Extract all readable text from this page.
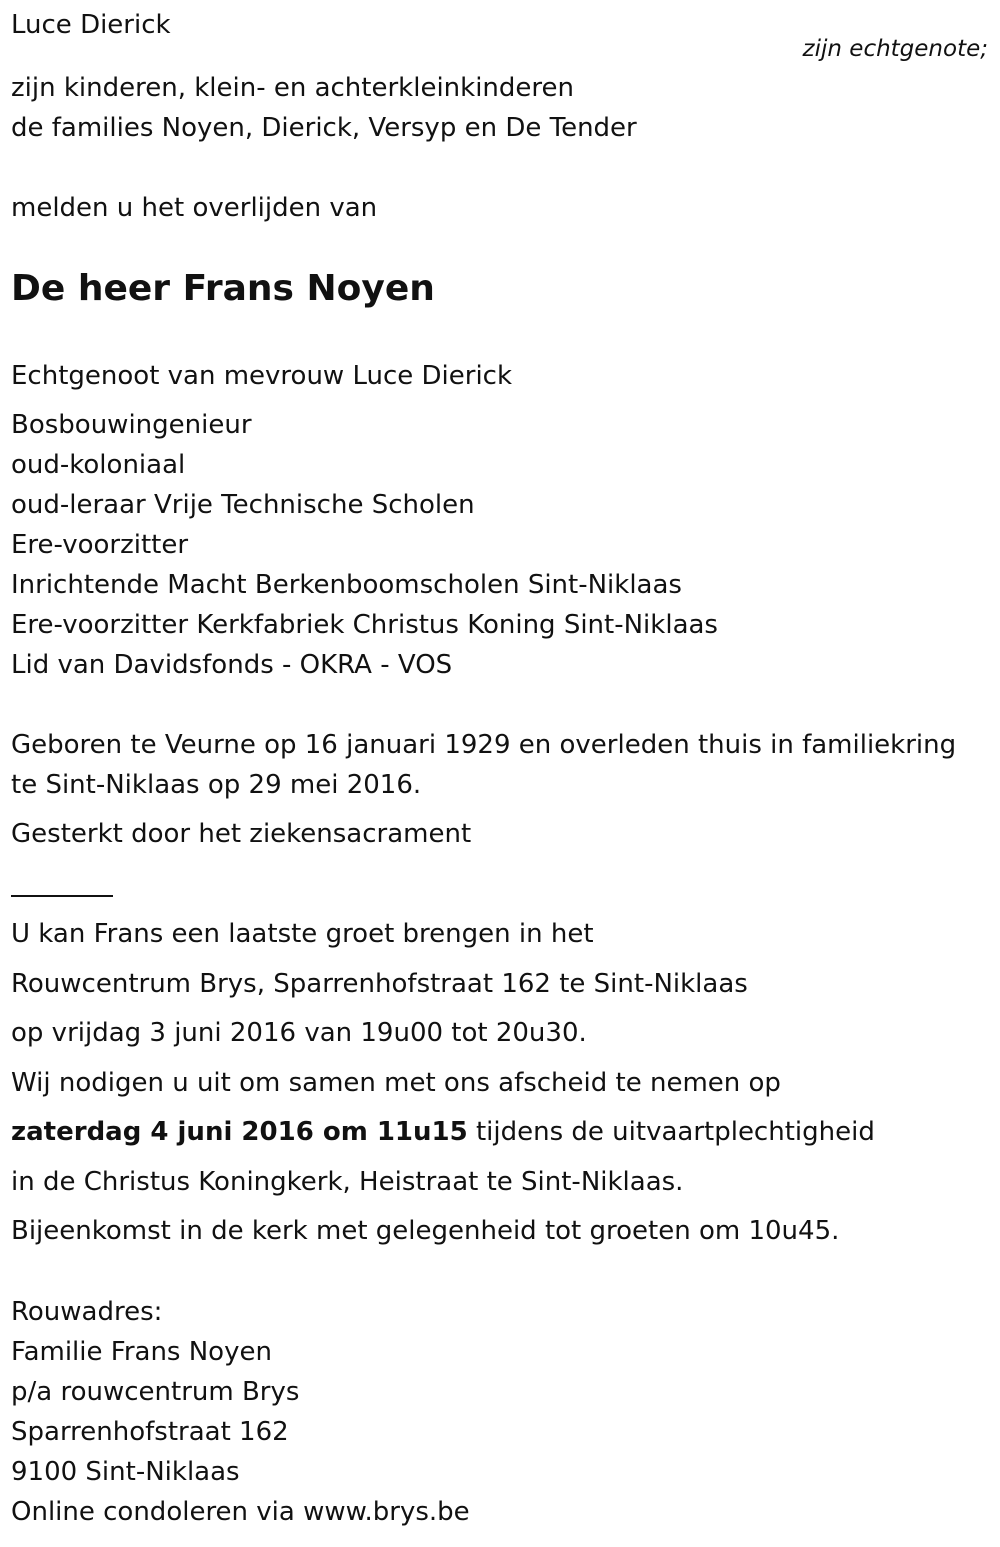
Luce Dierick
zijn echtgenote;
zijn kinderen, klein- en achterkleinkinderen
de families Noyen, Dierick, Versyp en De Tender
melden u het overlijden van
De heer Frans Noyen
Echtgenoot van mevrouw Luce Dierick
Bosbouwingenieur
oud-koloniaal
oud-leraar Vrije Technische Scholen
Ere-voorzitter
Inrichtende Macht Berkenboomscholen Sint-Niklaas
Ere-voorzitter Kerkfabriek Christus Koning Sint-Niklaas
Lid van Davidsfonds - OKRA - VOS
Geboren te Veurne op 16 januari 1929 en overleden thuis in familiekring
te Sint-Niklaas op 29 mei 2016.
Gesterkt door het ziekensacrament
U kan Frans een laatste groet brengen in het
Rouwcentrum Brys, Sparrenhofstraat 162 te Sint-Niklaas
op vrijdag 3 juni 2016 van 19u00 tot 20u30.
Wij nodigen u uit om samen met ons afscheid te nemen op
zaterdag 4 juni 2016 om 11u15 tijdens de uitvaartplechtigheid
in de Christus Koningkerk, Heistraat te Sint-Niklaas.
Bijeenkomst in de kerk met gelegenheid tot groeten om 10u45.
Rouwadres:
Familie Frans Noyen
p/a rouwcentrum Brys
Sparrenhofstraat 162
9100 Sint-Niklaas
Online condoleren via www.brys.be
